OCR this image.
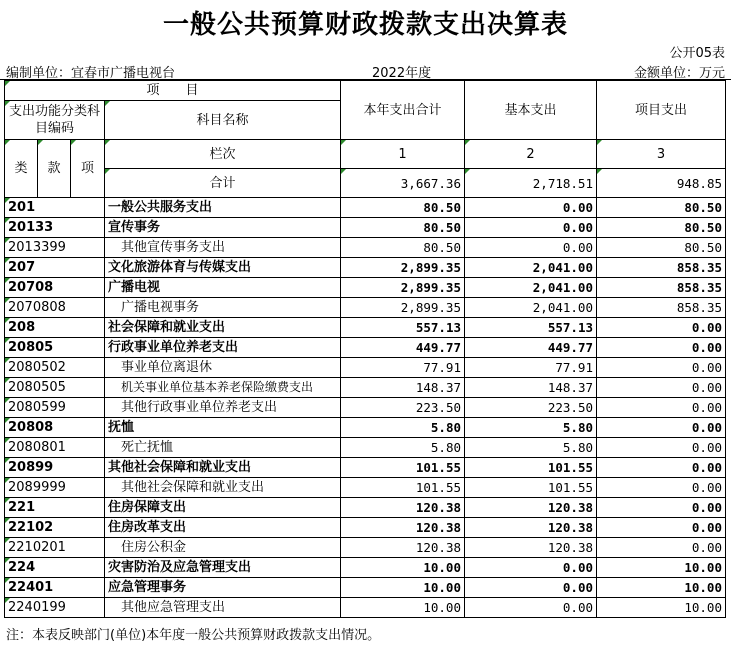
一般公共预算财政拨款支出决算表
公开05表
编制单位：宜春市广播电视台	2022年度	金额单位：万元
项　　目				本年支出合计	基本支出	项目支出
支出功能分类科目编码			科目名称			

类	款	项				
			栏次	1	2	3
			合计	3,667.36	2,718.51	948.85
201			一般公共服务支出	80.50	0.00	80.50
20133			宣传事务	80.50	0.00	80.50
2013399			其他宣传事务支出	80.50	0.00	80.50
207			文化旅游体育与传媒支出	2,899.35	2,041.00	858.35
20708			广播电视	2,899.35	2,041.00	858.35
2070808			广播电视事务	2,899.35	2,041.00	858.35
208			社会保障和就业支出	557.13	557.13	0.00
20805			行政事业单位养老支出	449.77	449.77	0.00
2080502			事业单位离退休	77.91	77.91	0.00
2080505			机关事业单位基本养老保险缴费支出	148.37	148.37	0.00
2080599			其他行政事业单位养老支出	223.50	223.50	0.00
20808			抚恤	5.80	5.80	0.00
2080801			死亡抚恤	5.80	5.80	0.00
20899			其他社会保障和就业支出	101.55	101.55	0.00
2089999			其他社会保障和就业支出	101.55	101.55	0.00
221			住房保障支出	120.38	120.38	0.00
22102			住房改革支出	120.38	120.38	0.00
2210201			住房公积金	120.38	120.38	0.00
224			灾害防治及应急管理支出	10.00	0.00	10.00
22401			应急管理事务	10.00	0.00	10.00
2240199			其他应急管理支出	10.00	0.00	10.00
注：本表反映部门(单位)本年度一般公共预算财政拨款支出情况。
